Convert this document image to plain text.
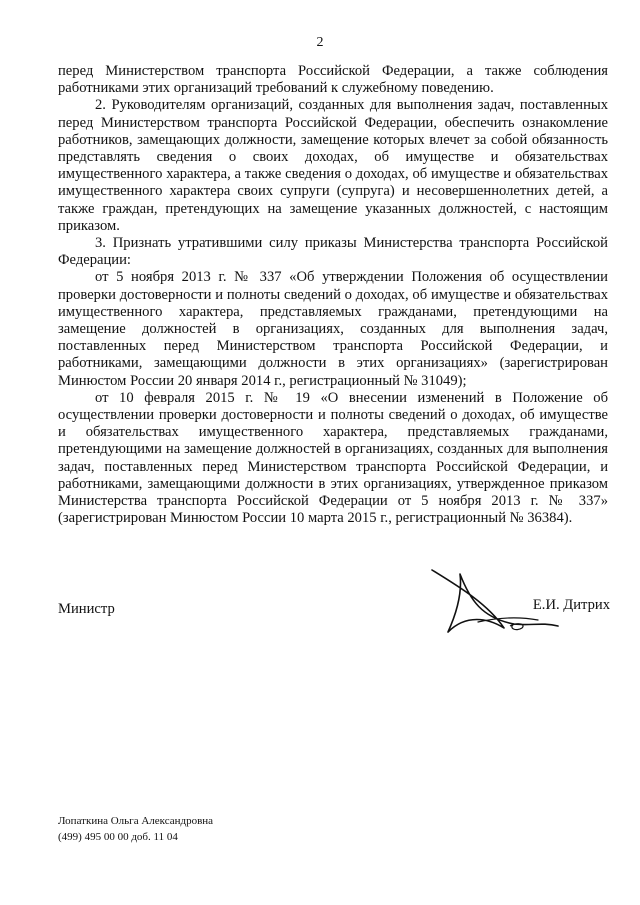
2

перед Министерством транспорта Российской Федерации, а также соблюдения работниками этих организаций требований к служебному поведению.

2. Руководителям организаций, созданных для выполнения задач, поставленных перед Министерством транспорта Российской Федерации, обеспечить ознакомление работников, замещающих должности, замещение которых влечет за собой обязанность представлять сведения о своих доходах, об имуществе и обязательствах имущественного характера, а также сведения о доходах, об имуществе и обязательствах имущественного характера своих супруги (супруга) и несовершеннолетних детей, а также граждан, претендующих на замещение указанных должностей, с настоящим приказом.

3. Признать утратившими силу приказы Министерства транспорта Российской Федерации:

от 5 ноября 2013 г. № 337 «Об утверждении Положения об осуществлении проверки достоверности и полноты сведений о доходах, об имуществе и обязательствах имущественного характера, представляемых гражданами, претендующими на замещение должностей в организациях, созданных для выполнения задач, поставленных перед Министерством транспорта Российской Федерации, и работниками, замещающими должности в этих организациях» (зарегистрирован Минюстом России 20 января 2014 г., регистрационный № 31049);

от 10 февраля 2015 г. № 19 «О внесении изменений в Положение об осуществлении проверки достоверности и полноты сведений о доходах, об имуществе и обязательствах имущественного характера, представляемых гражданами, претендующими на замещение должностей в организациях, созданных для выполнения задач, поставленных перед Министерством транспорта Российской Федерации, и работниками, замещающими должности в этих организациях, утвержденное приказом Министерства транспорта Российской Федерации от 5 ноября 2013 г. № 337» (зарегистрирован Минюстом России 10 марта 2015 г., регистрационный № 36384).

Министр	Е.И. Дитрих
Лопаткина Ольга Александровна
(499) 495 00 00 доб. 11 04
